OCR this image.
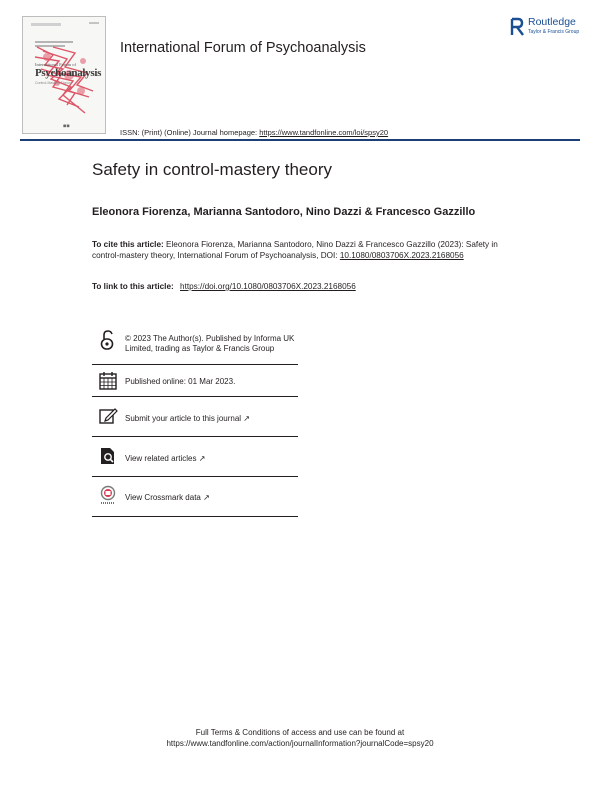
International Forum of
Psychoanalysis
Control-Mastery Theory
◼◼
International Forum of Psychoanalysis
Routledge
Taylor & Francis Group
ISSN: (Print) (Online) Journal homepage: https://www.tandfonline.com/loi/spsy20
Safety in control-mastery theory
Eleonora Fiorenza, Marianna Santodoro, Nino Dazzi & Francesco Gazzillo
To cite this article: Eleonora Fiorenza, Marianna Santodoro, Nino Dazzi & Francesco Gazzillo (2023): Safety in control-mastery theory, International Forum of Psychoanalysis, DOI: 10.1080/0803706X.2023.2168056
To link to this article: https://doi.org/10.1080/0803706X.2023.2168056
© 2023 The Author(s). Published by Informa UK Limited, trading as Taylor & Francis Group
Published online: 01 Mar 2023.
Submit your article to this journal ↗
View related articles ↗
View Crossmark data ↗
Full Terms & Conditions of access and use can be found at
https://www.tandfonline.com/action/journalInformation?journalCode=spsy20
